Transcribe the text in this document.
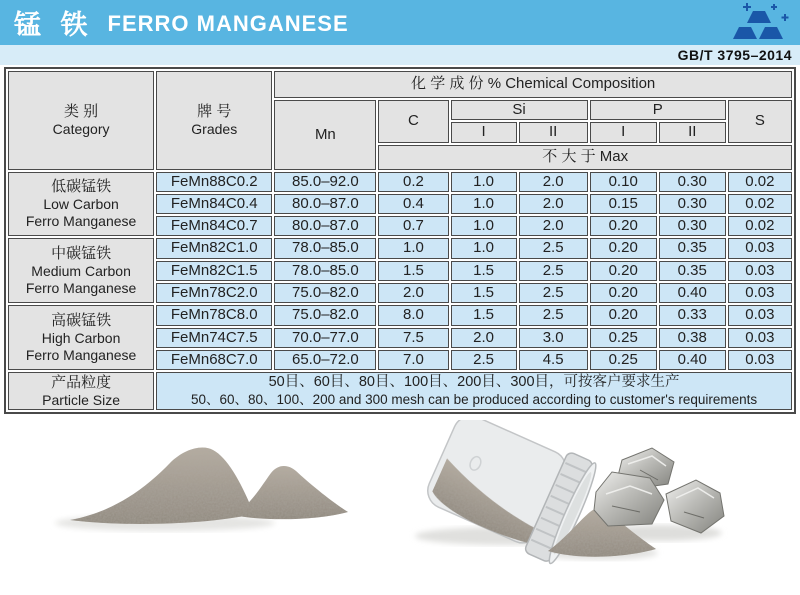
锰 铁 FERRO MANGANESE
GB/T 3795–2014
类 别
Category	牌 号
Grades	化 学 成 份 % Chemical Composition						
		Mn	C	Si		P		S
				I	II	I	II	
			不 大 于 Max					

低碳锰铁
Low Carbon
Ferro Manganese	FeMn88C0.2	85.0–92.0	0.2	1.0	2.0	0.10	0.30	0.02
	FeMn84C0.4	80.0–87.0	0.4	1.0	2.0	0.15	0.30	0.02
	FeMn84C0.7	80.0–87.0	0.7	1.0	2.0	0.20	0.30	0.02

中碳锰铁
Medium Carbon
Ferro Manganese	FeMn82C1.0	78.0–85.0	1.0	1.0	2.5	0.20	0.35	0.03
	FeMn82C1.5	78.0–85.0	1.5	1.5	2.5	0.20	0.35	0.03
	FeMn78C2.0	75.0–82.0	2.0	1.5	2.5	0.20	0.40	0.03

高碳锰铁
High Carbon
Ferro Manganese	FeMn78C8.0	75.0–82.0	8.0	1.5	2.5	0.20	0.33	0.03
	FeMn74C7.5	70.0–77.0	7.5	2.0	3.0	0.25	0.38	0.03
	FeMn68C7.0	65.0–72.0	7.0	2.5	4.5	0.25	0.40	0.03

产品粒度
Particle Size	50目、60目、80目、100目、200目、300目，可按客户要求生产
50、60、80、100、200 and 300 mesh can be produced according to customer's requirements							
